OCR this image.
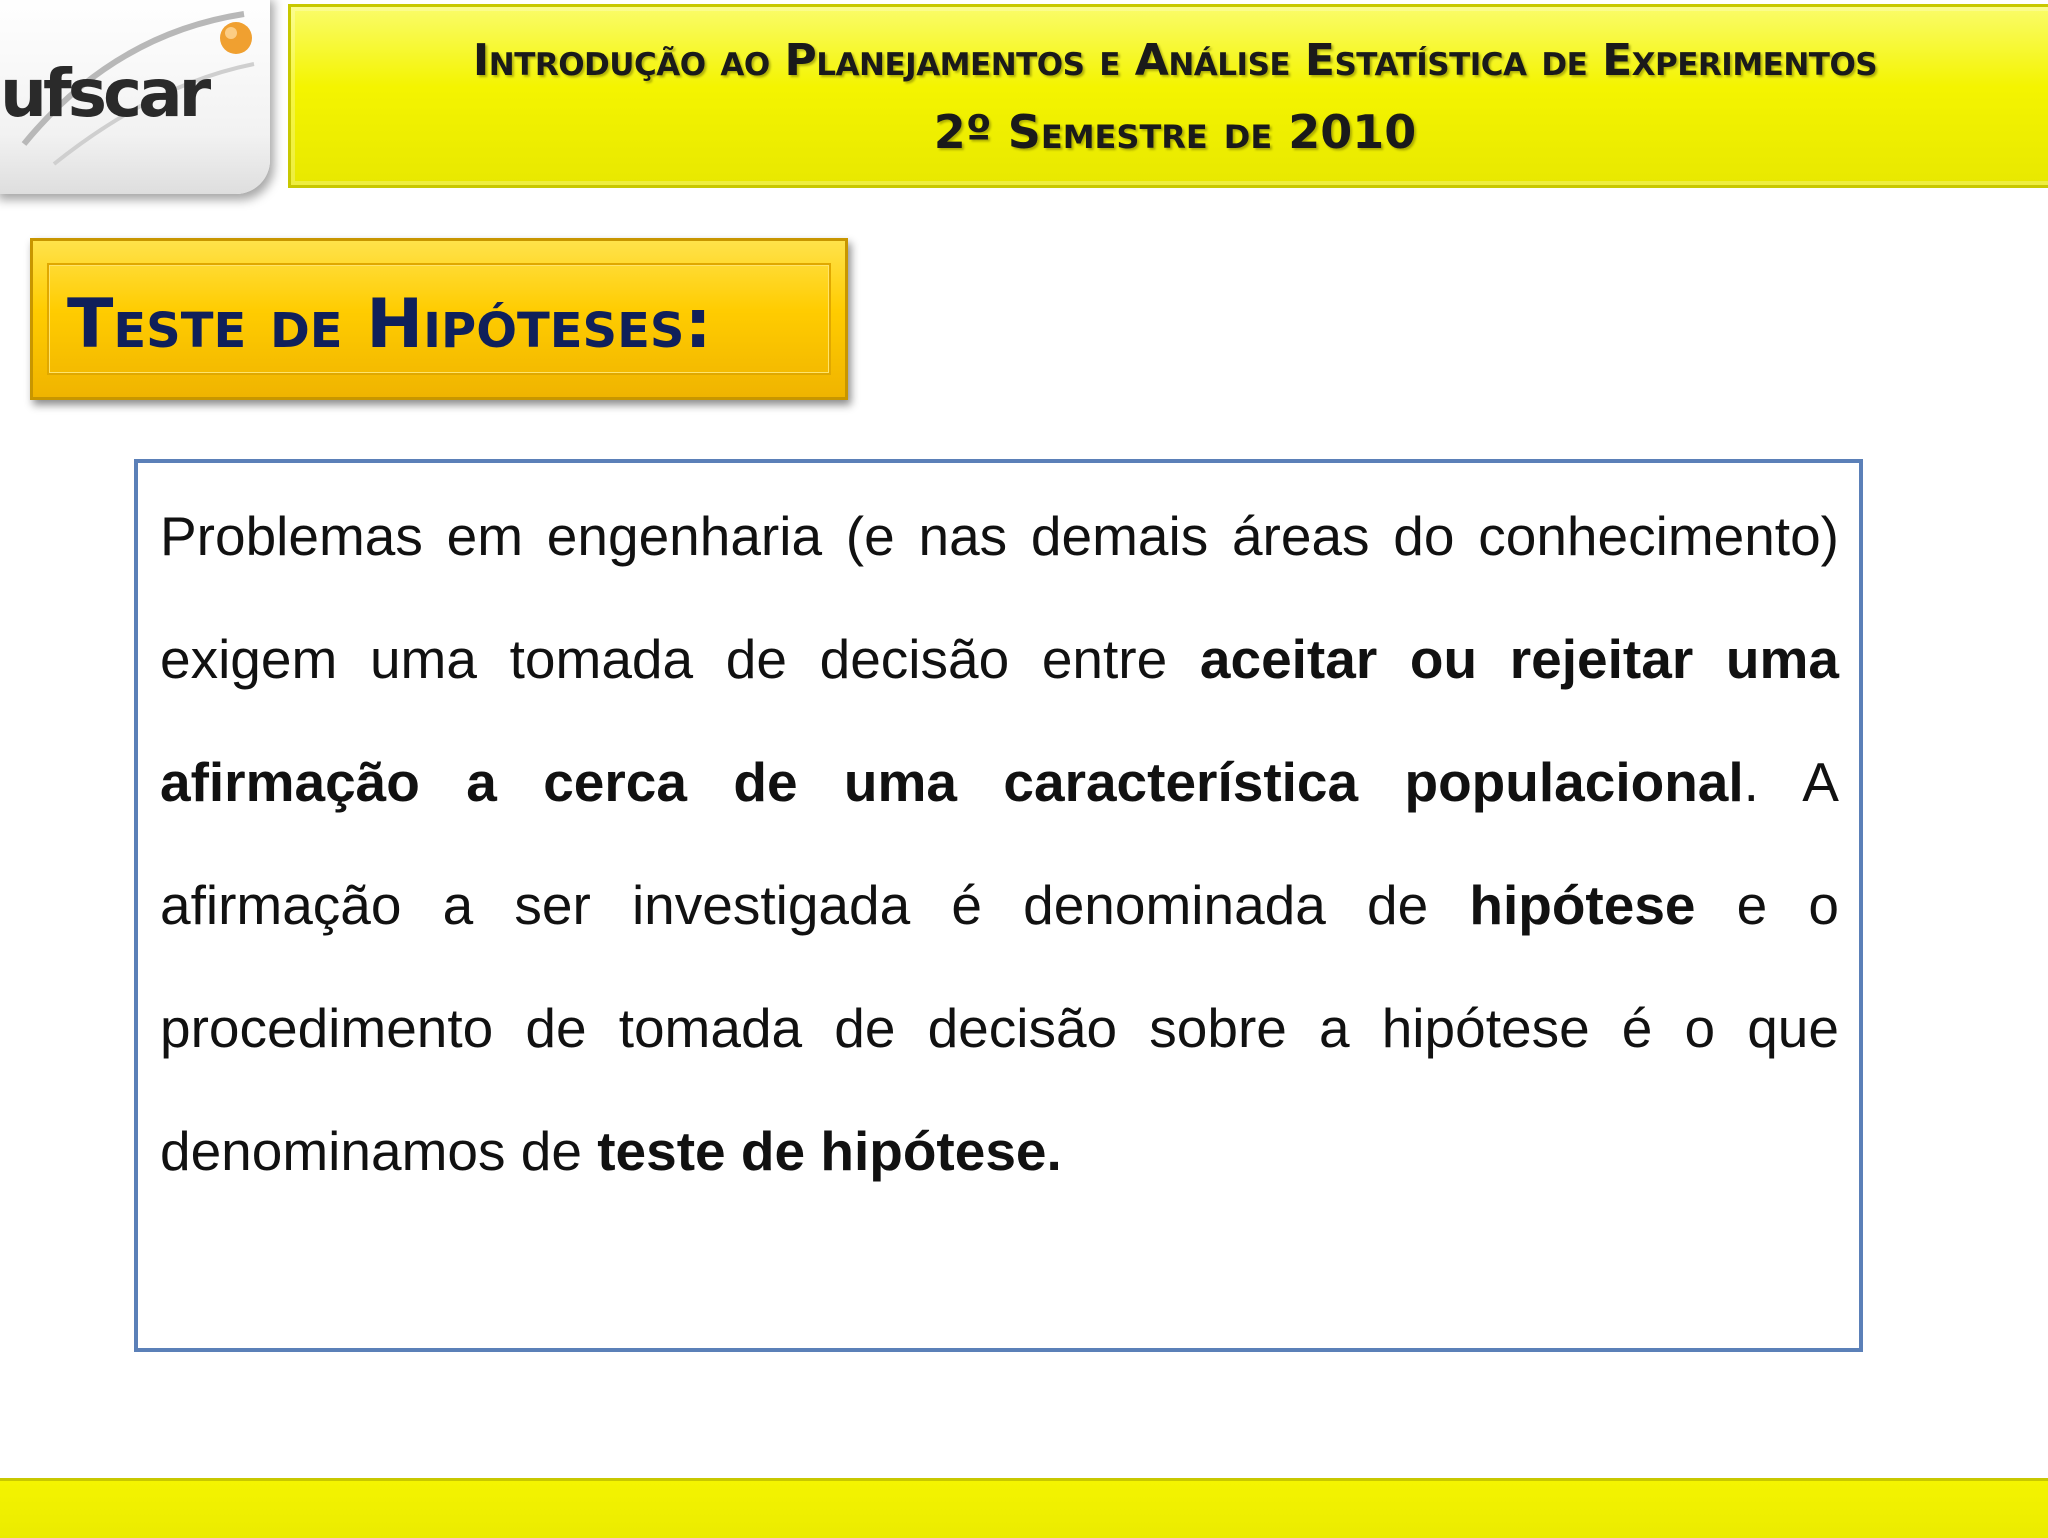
ufscar	Introdução ao Planejamentos e Análise Estatística de Experimentos
2º Semestre de 2010
Teste de Hipóteses:

Problemas em engenharia (e nas demais áreas do conhecimento) exigem uma tomada de decisão entre aceitar ou rejeitar uma afirmação a cerca de uma característica populacional. A afirmação a ser investigada é denominada de hipótese e o procedimento de tomada de decisão sobre a hipótese é o que denominamos de teste de hipótese.
